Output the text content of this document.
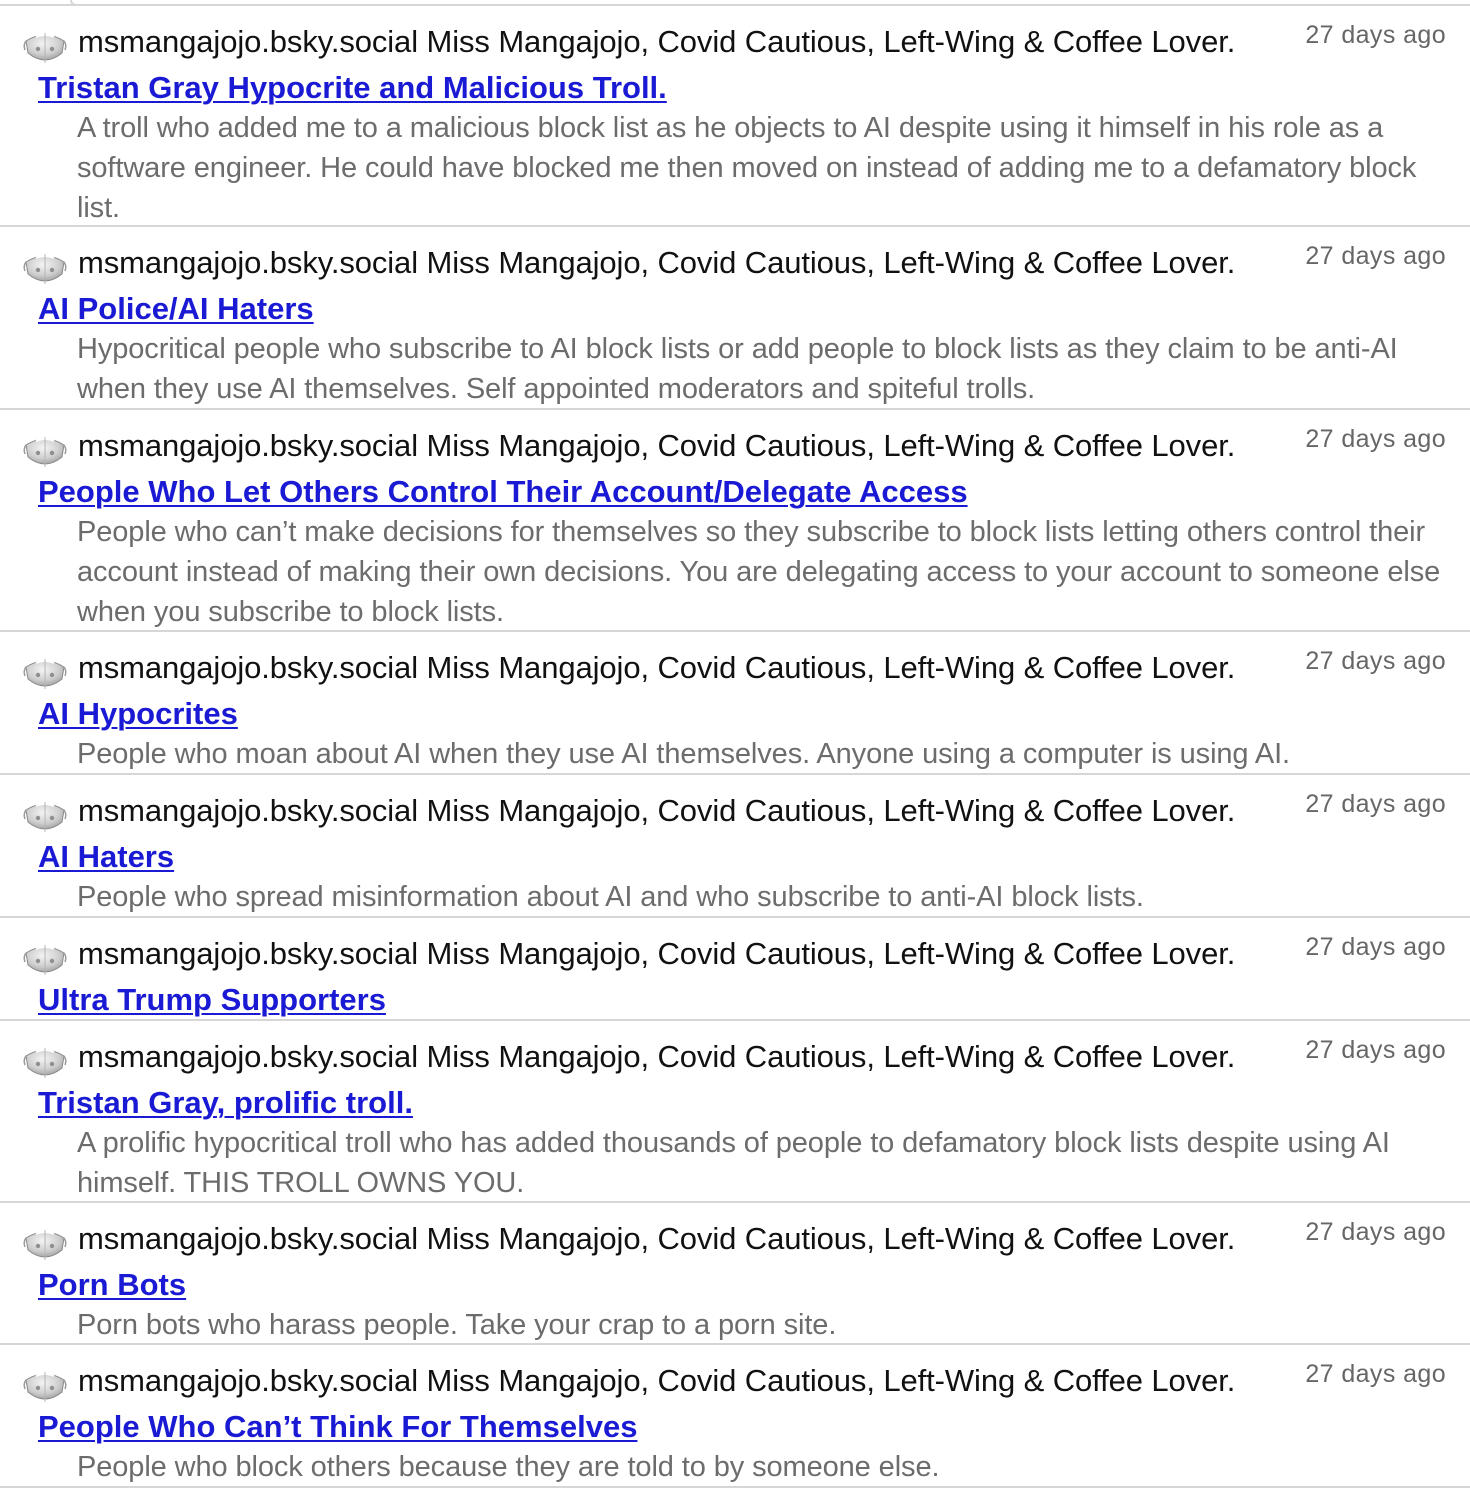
msmangajojo.bsky.social Miss Mangajojo, Covid Cautious, Left-Wing & Coffee Lover.	27 days ago
Tristan Gray Hypocrite and Malicious Troll.
A troll who added me to a malicious block list as he objects to AI despite using it himself in his role as a software engineer. He could have blocked me then moved on instead of adding me to a defamatory block list.
msmangajojo.bsky.social Miss Mangajojo, Covid Cautious, Left-Wing & Coffee Lover.	27 days ago
AI Police/AI Haters
Hypocritical people who subscribe to AI block lists or add people to block lists as they claim to be anti-AI when they use AI themselves. Self appointed moderators and spiteful trolls.
msmangajojo.bsky.social Miss Mangajojo, Covid Cautious, Left-Wing & Coffee Lover.	27 days ago
People Who Let Others Control Their Account/Delegate Access
People who can’t make decisions for themselves so they subscribe to block lists letting others control their account instead of making their own decisions. You are delegating access to your account to someone else when you subscribe to block lists.
msmangajojo.bsky.social Miss Mangajojo, Covid Cautious, Left-Wing & Coffee Lover.	27 days ago
AI Hypocrites
People who moan about AI when they use AI themselves. Anyone using a computer is using AI.
msmangajojo.bsky.social Miss Mangajojo, Covid Cautious, Left-Wing & Coffee Lover.	27 days ago
AI Haters
People who spread misinformation about AI and who subscribe to anti-AI block lists.
msmangajojo.bsky.social Miss Mangajojo, Covid Cautious, Left-Wing & Coffee Lover.	27 days ago
Ultra Trump Supporters
msmangajojo.bsky.social Miss Mangajojo, Covid Cautious, Left-Wing & Coffee Lover.	27 days ago
Tristan Gray, prolific troll.
A prolific hypocritical troll who has added thousands of people to defamatory block lists despite using AI himself. THIS TROLL OWNS YOU.
msmangajojo.bsky.social Miss Mangajojo, Covid Cautious, Left-Wing & Coffee Lover.	27 days ago
Porn Bots
Porn bots who harass people. Take your crap to a porn site.
msmangajojo.bsky.social Miss Mangajojo, Covid Cautious, Left-Wing & Coffee Lover.	27 days ago
People Who Can’t Think For Themselves
People who block others because they are told to by someone else.
